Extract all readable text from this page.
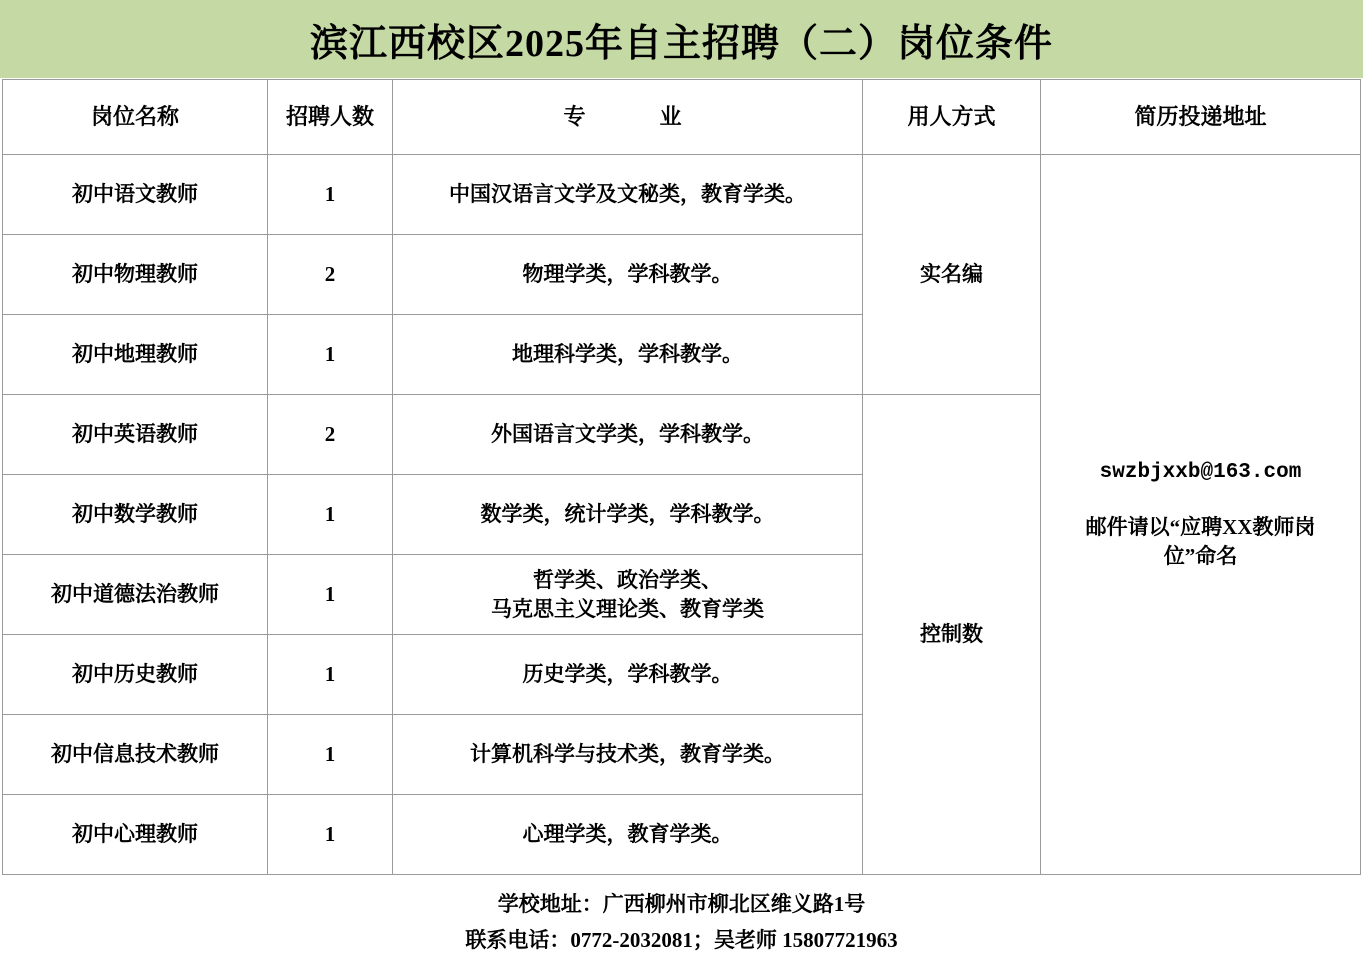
滨江西校区2025年自主招聘（二）岗位条件
岗位名称	招聘人数	专　　业	用人方式	简历投递地址
初中语文教师	1	中国汉语言文学及文秘类，教育学类。	实名编	swzbjxxb@163.com
邮件请以“应聘XX教师岗位”命名

初中物理教师	2	物理学类，学科教学。		
初中地理教师	1	地理科学类，学科教学。		
初中英语教师	2	外国语言文学类，学科教学。	控制数	
初中数学教师	1	数学类，统计学类，学科教学。		
初中道德法治教师	1	哲学类、政治学类、
马克思主义理论类、教育学类		

初中历史教师	1	历史学类，学科教学。		
初中信息技术教师	1	计算机科学与技术类，教育学类。		
初中心理教师	1	心理学类，教育学类。		
学校地址：广西柳州市柳北区维义路1号
联系电话：0772-2032081；吴老师 15807721963
